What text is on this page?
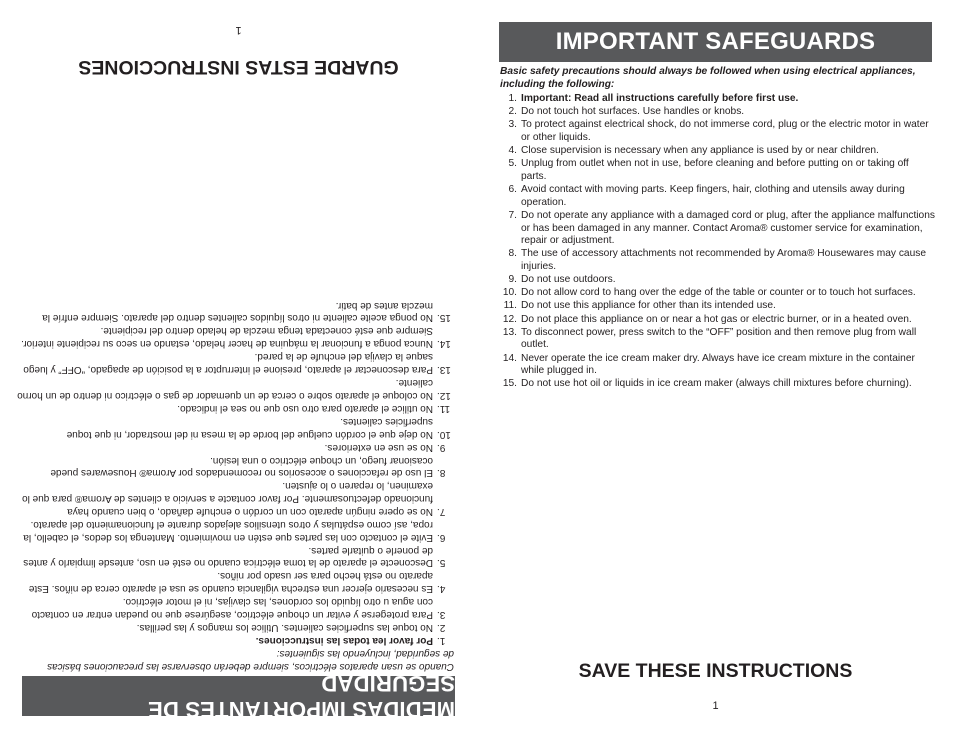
MEDIDAS IMPORTANTES DE SEGURIDAD
Cuando se usan aparatos eléctricos, siempre deberán observarse las precauciones básicas de seguridad, incluyendo las siguientes:
1.
Por favor lea todas las instrucciones.
2.
No toque las superficies calientes. Utilice los mangos y las perillas.
3.
Para protegerse y evitar un choque eléctrico, asegúrese que no puedan entrar en contacto con agua u otro líquido los cordones, las clavijas, ni el motor eléctrico.
4.
Es necesario ejercer una estrecha vigilancia cuando se usa el aparato cerca de niños. Este aparato no está hecho para ser usado por niños.
5.
Desconecte el aparato de la toma eléctrica cuando no esté en uso, antesde limpiarlo y antes de ponerle o quitarle partes.
6.
Evite el contacto con las partes que estén en movimiento. Mantenga los dedos, el cabello, la ropa, así como espátulas y otros utensilios alejados durante el funcionamiento del aparato.
7.
No se opere ningún aparato con un cordón o enchufe dañado, o bien cuando haya funcionado defectuosamente. Por favor contacte a servicio a clientes de Aroma® para que lo examinen, lo reparen o lo ajusten.
8.
El uso de refacciones o accesorios no recomendados por Aroma® Housewares puede ocasionar fuego, un choque eléctrico o una lesión.
9.
No se use en exteriores.
10.
No deje que el cordón cuelgue del borde de la mesa ni del mostrador, ni que toque superficies calientes.
11.
No utilice el aparato para otro uso que no sea el indicado.
12.
No coloque el aparato sobre o cerca de un quemador de gas o eléctrico ni dentro de un horno caliente.
13.
Para desconectar el aparato, presione el interruptor a la posición de apagado, “OFF” y luego saque la clavija del enchufe de la pared.
14.
Nunca ponga a funcionar la máquina de hacer helado, estando en seco su recipiente interior. Siempre que esté conectada tenga mezcla de helado dentro del recipiente.
15.
No ponga aceite caliente ni otros líquidos calientes dentro del aparato. Siempre enfríe la mezcla antes de batir.
GUARDE ESTAS INSTRUCCIONES
1	IMPORTANT SAFEGUARDS
Basic safety precautions should always be followed when using electrical appliances, including the following:
1. Important: Read all instructions carefully before first use.
2. Do not touch hot surfaces. Use handles or knobs.
3. To protect against electrical shock, do not immerse cord, plug or the electric motor in water or other liquids.
4. Close supervision is necessary when any appliance is used by or near children.
5. Unplug from outlet when not in use, before cleaning and before putting on or taking off parts.
6. Avoid contact with moving parts. Keep fingers, hair, clothing and utensils away during operation.
7. Do not operate any appliance with a damaged cord or plug, after the appliance malfunctions or has been damaged in any manner. Contact Aroma® customer service for examination, repair or adjustment.
8. The use of accessory attachments not recommended by Aroma® Housewares may cause injuries.
9. Do not use outdoors.
10. Do not allow cord to hang over the edge of the table or counter or to touch hot surfaces.
11. Do not use this appliance for other than its intended use.
12. Do not place this appliance on or near a hot gas or electric burner, or in a heated oven.
13. To disconnect power, press switch to the “OFF” position and then remove plug from wall outlet.
14. Never operate the ice cream maker dry. Always have ice cream mixture in the container while plugged in.
15. Do not use hot oil or liquids in ice cream maker (always chill mixtures before churning).
SAVE THESE INSTRUCTIONS
1
